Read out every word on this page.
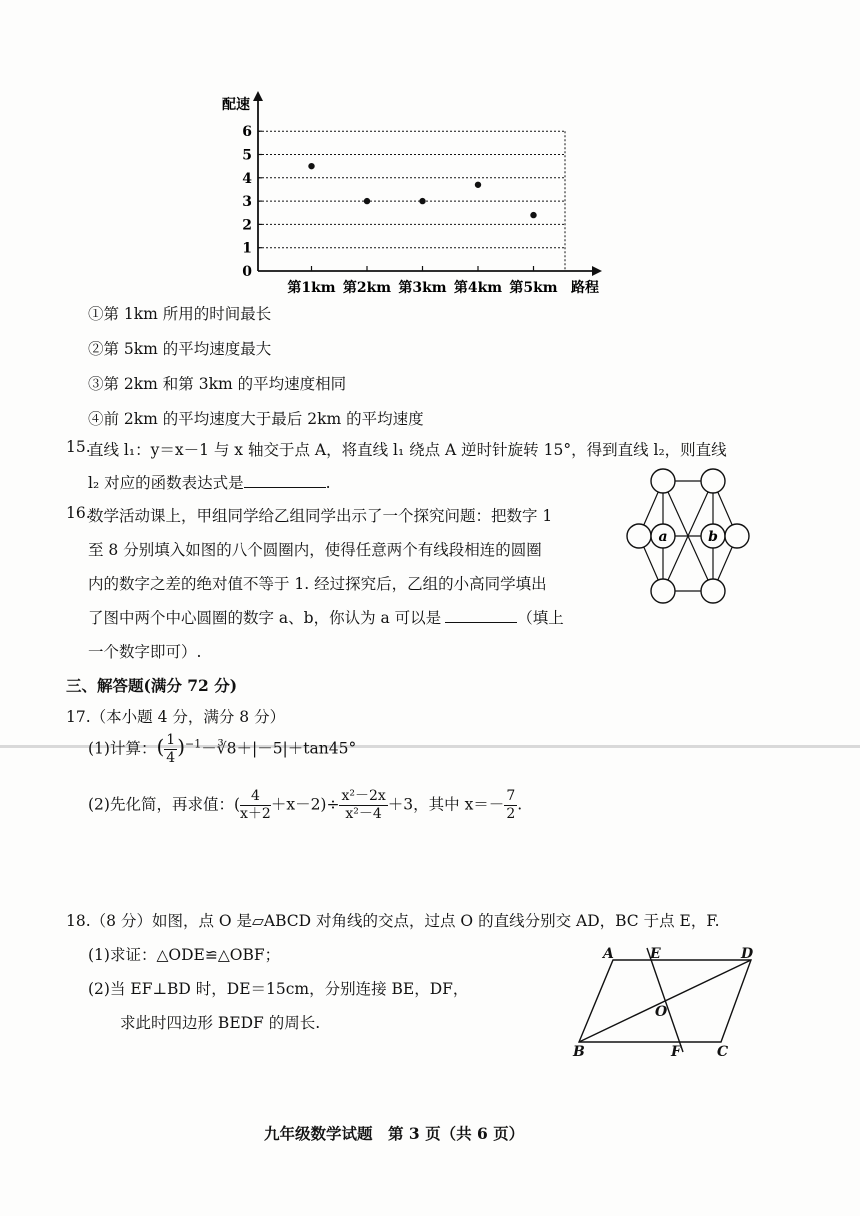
配速
0
1
2
3
4
5
6
第1km 第2km 第3km 第4km 第5km 路程
①第 1km 所用的时间最长
②第 5km 的平均速度最大
③第 2km 和第 3km 的平均速度相同
④前 2km 的平均速度大于最后 2km 的平均速度
15.
直线 l₁：y＝x－1 与 x 轴交于点 A，将直线 l₁ 绕点 A 逆时针旋转 15°，得到直线 l₂，则直线
l₂ 对应的函数表达式是	.
16.
数学活动课上，甲组同学给乙组同学出示了一个探究问题：把数字 1
至 8 分别填入如图的八个圆圈内，使得任意两个有线段相连的圆圈
内的数字之差的绝对值不等于 1. 经过探究后，乙组的小高同学填出
了图中两个中心圆圈的数字 a、b，你认为 a 可以是	（填上
一个数字即可）.
a	b
三、解答题(满分 72 分)
17.（本小题 4 分，满分 8 分）
(1)计算：( $\frac{1}{4}$ )$^{-1}$－∛8＋|－5|＋tan45°
(2)先化简，再求值：( $\frac{4}{x+2} +x-2)\div \frac{\text{x²－2x}}{\text{x²－4}} +3$，其中 $x=- \frac{7}{2}$ .
18.（8 分）如图，点 O 是▱ABCD 对角线的交点，过点 O 的直线分别交 AD，BC 于点 E，F.
(1)求证：△ODE≌△OBF；
(2)当 EF⊥BD 时，DE＝15cm，分别连接 BE，DF，
求此时四边形 BEDF 的周长.
A	E	D
O
B	F	C
九年级数学试题　第 3 页（共 6 页）
